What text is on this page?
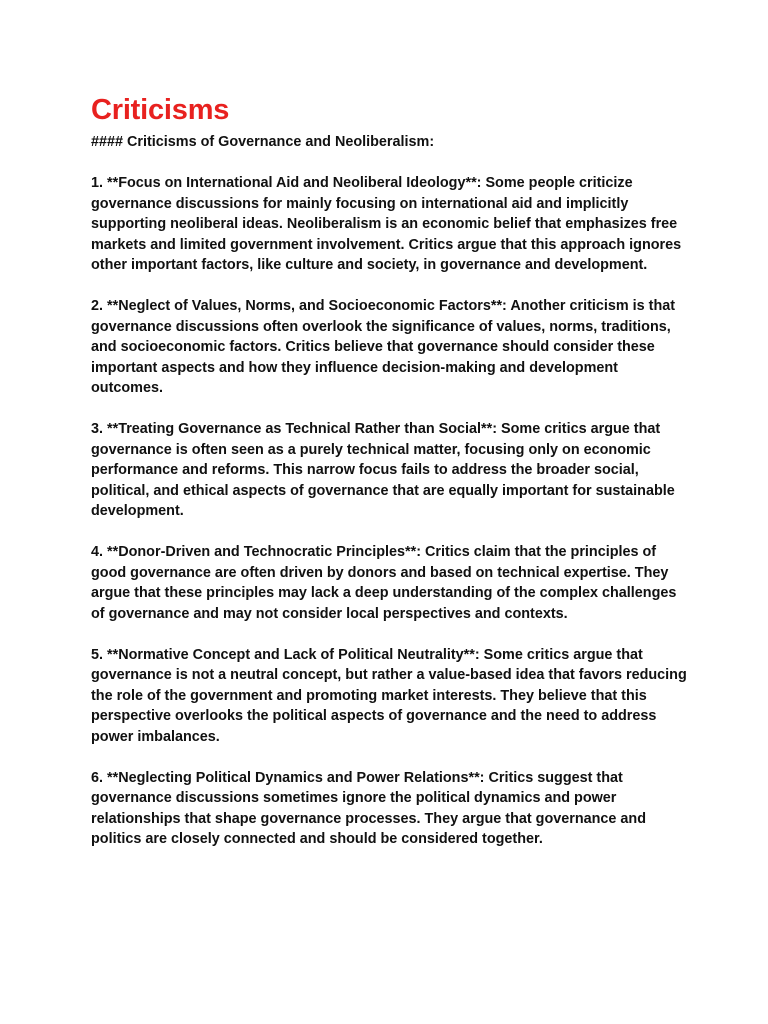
Criticisms

#### Criticisms of Governance and Neoliberalism:

1. **Focus on International Aid and Neoliberal Ideology**: Some people criticize governance discussions for mainly focusing on international aid and implicitly supporting neoliberal ideas. Neoliberalism is an economic belief that emphasizes free markets and limited government involvement. Critics argue that this approach ignores other important factors, like culture and society, in governance and development.

2. **Neglect of Values, Norms, and Socioeconomic Factors**: Another criticism is that governance discussions often overlook the significance of values, norms, traditions, and socioeconomic factors. Critics believe that governance should consider these important aspects and how they influence decision-making and development outcomes.

3. **Treating Governance as Technical Rather than Social**: Some critics argue that governance is often seen as a purely technical matter, focusing only on economic performance and reforms. This narrow focus fails to address the broader social, political, and ethical aspects of governance that are equally important for sustainable development.

4. **Donor-Driven and Technocratic Principles**: Critics claim that the principles of good governance are often driven by donors and based on technical expertise. They argue that these principles may lack a deep understanding of the complex challenges of governance and may not consider local perspectives and contexts.

5. **Normative Concept and Lack of Political Neutrality**: Some critics argue that governance is not a neutral concept, but rather a value-based idea that favors reducing the role of the government and promoting market interests. They believe that this perspective overlooks the political aspects of governance and the need to address power imbalances.

6. **Neglecting Political Dynamics and Power Relations**: Critics suggest that governance discussions sometimes ignore the political dynamics and power relationships that shape governance processes. They argue that governance and politics are closely connected and should be considered together.
